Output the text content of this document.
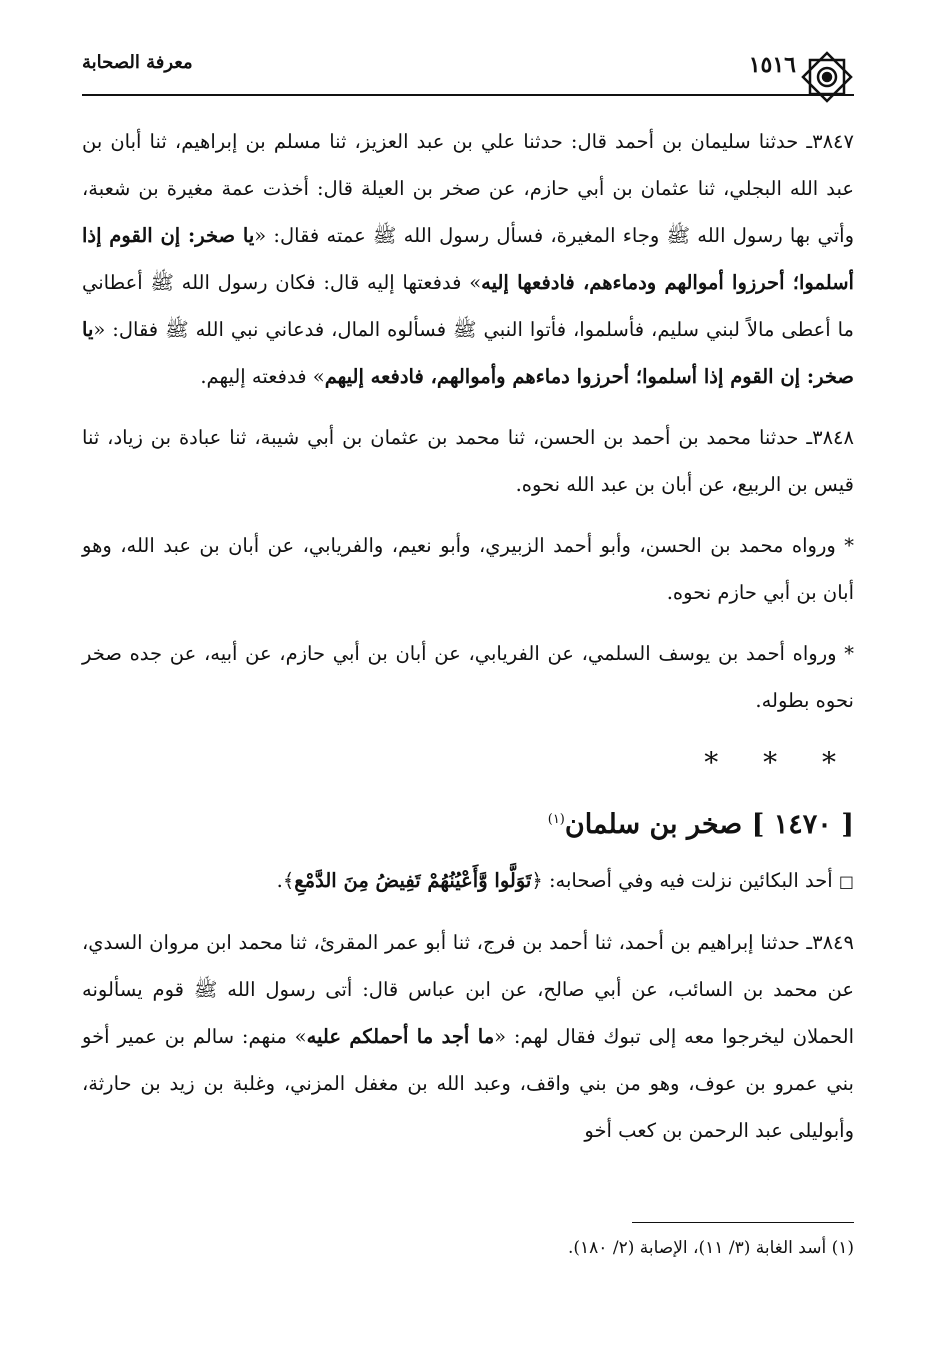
معرفة الصحابة	١٥١٦

٣٨٤٧ـ حدثنا سليمان بن أحمد قال: حدثنا علي بن عبد العزيز، ثنا مسلم بن إبراهيم، ثنا أبان بن عبد الله البجلي، ثنا عثمان بن أبي حازم، عن صخر بن العيلة قال: أخذت عمة مغيرة بن شعبة، وأتي بها رسول الله ﷺ وجاء المغيرة، فسأل رسول الله ﷺ عمته فقال: «يا صخر: إن القوم إذا أسلموا؛ أحرزوا أموالهم ودماءهم، فادفعها إليه» فدفعتها إليه قال: فكان رسول الله ﷺ أعطاني ما أعطى مالاً لبني سليم، فأسلموا، فأتوا النبي ﷺ فسألوه المال، فدعاني نبي الله ﷺ فقال: «يا صخر: إن القوم إذا أسلموا؛ أحرزوا دماءهم وأموالهم، فادفعه إليهم» فدفعته إليهم.

٣٨٤٨ـ حدثنا محمد بن أحمد بن الحسن، ثنا محمد بن عثمان بن أبي شيبة، ثنا عبادة بن زياد، ثنا قيس بن الربيع، عن أبان بن عبد الله نحوه.

* ورواه محمد بن الحسن، وأبو أحمد الزبيري، وأبو نعيم، والفريابي، عن أبان بن عبد الله، وهو أبان بن أبي حازم نحوه.

* ورواه أحمد بن يوسف السلمي، عن الفريابي، عن أبان بن أبي حازم، عن أبيه، عن جده صخر نحوه بطوله.

* * *
[ ١٤٧٠ ] صخر بن سلمان$^{(١)}$

□ أحد البكائين نزلت فيه وفي أصحابه: ﴿تَوَلَّوا وَّأَعْيُنُهُمْ تَفِيضُ مِنَ الدَّمْعِ﴾.

٣٨٤٩ـ حدثنا إبراهيم بن أحمد، ثنا أحمد بن فرج، ثنا أبو عمر المقرئ، ثنا محمد ابن مروان السدي، عن محمد بن السائب، عن أبي صالح، عن ابن عباس قال: أتى رسول الله ﷺ قوم يسألونه الحملان ليخرجوا معه إلى تبوك فقال لهم: «ما أجد ما أحملكم عليه» منهم: سالم بن عمير أخو بني عمرو بن عوف، وهو من بني واقف، وعبد الله بن مغفل المزني، وغلبة بن زيد بن حارثة، وأبوليلى عبد الرحمن بن كعب أخو

(١) أسد الغابة (٣/ ١١)، الإصابة (٢/ ١٨٠).
